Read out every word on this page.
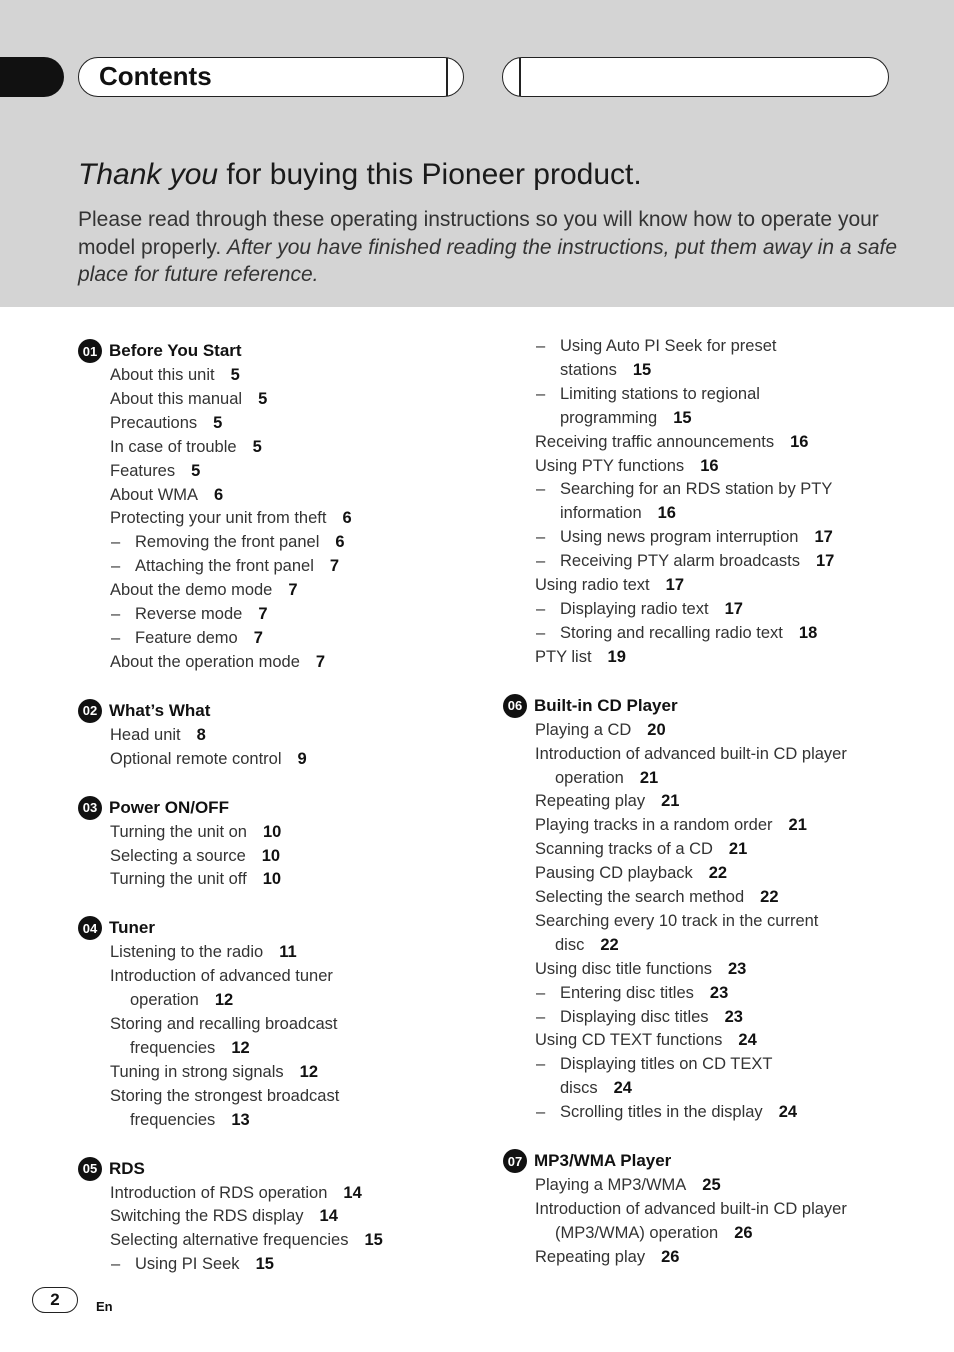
Contents
Thank you for buying this Pioneer product.
Please read through these operating instructions so you will know how to operate your model properly. After you have finished reading the instructions, put them away in a safe place for future reference.
01 Before You Start
About this unit 5
About this manual 5
Precautions 5
In case of trouble 5
Features 5
About WMA 6
Protecting your unit from theft 6
– Removing the front panel 6
– Attaching the front panel 7
About the demo mode 7
– Reverse mode 7
– Feature demo 7
About the operation mode 7
02 What’s What
Head unit 8
Optional remote control 9
03 Power ON/OFF
Turning the unit on 10
Selecting a source 10
Turning the unit off 10
04 Tuner
Listening to the radio 11
Introduction of advanced tuner
operation 12
Storing and recalling broadcast
frequencies 12
Tuning in strong signals 12
Storing the strongest broadcast
frequencies 13
05 RDS
Introduction of RDS operation 14
Switching the RDS display 14
Selecting alternative frequencies 15
– Using PI Seek 15
– Using Auto PI Seek for preset
stations 15
– Limiting stations to regional
programming 15
Receiving traffic announcements 16
Using PTY functions 16
– Searching for an RDS station by PTY
information 16
– Using news program interruption 17
– Receiving PTY alarm broadcasts 17
Using radio text 17
– Displaying radio text 17
– Storing and recalling radio text 18
PTY list 19
06 Built-in CD Player
Playing a CD 20
Introduction of advanced built-in CD player
operation 21
Repeating play 21
Playing tracks in a random order 21
Scanning tracks of a CD 21
Pausing CD playback 22
Selecting the search method 22
Searching every 10 track in the current
disc 22
Using disc title functions 23
– Entering disc titles 23
– Displaying disc titles 23
Using CD TEXT functions 24
– Displaying titles on CD TEXT
discs 24
– Scrolling titles in the display 24
07 MP3/WMA Player
Playing a MP3/WMA 25
Introduction of advanced built-in CD player
(MP3/WMA) operation 26
Repeating play 26
2	En
